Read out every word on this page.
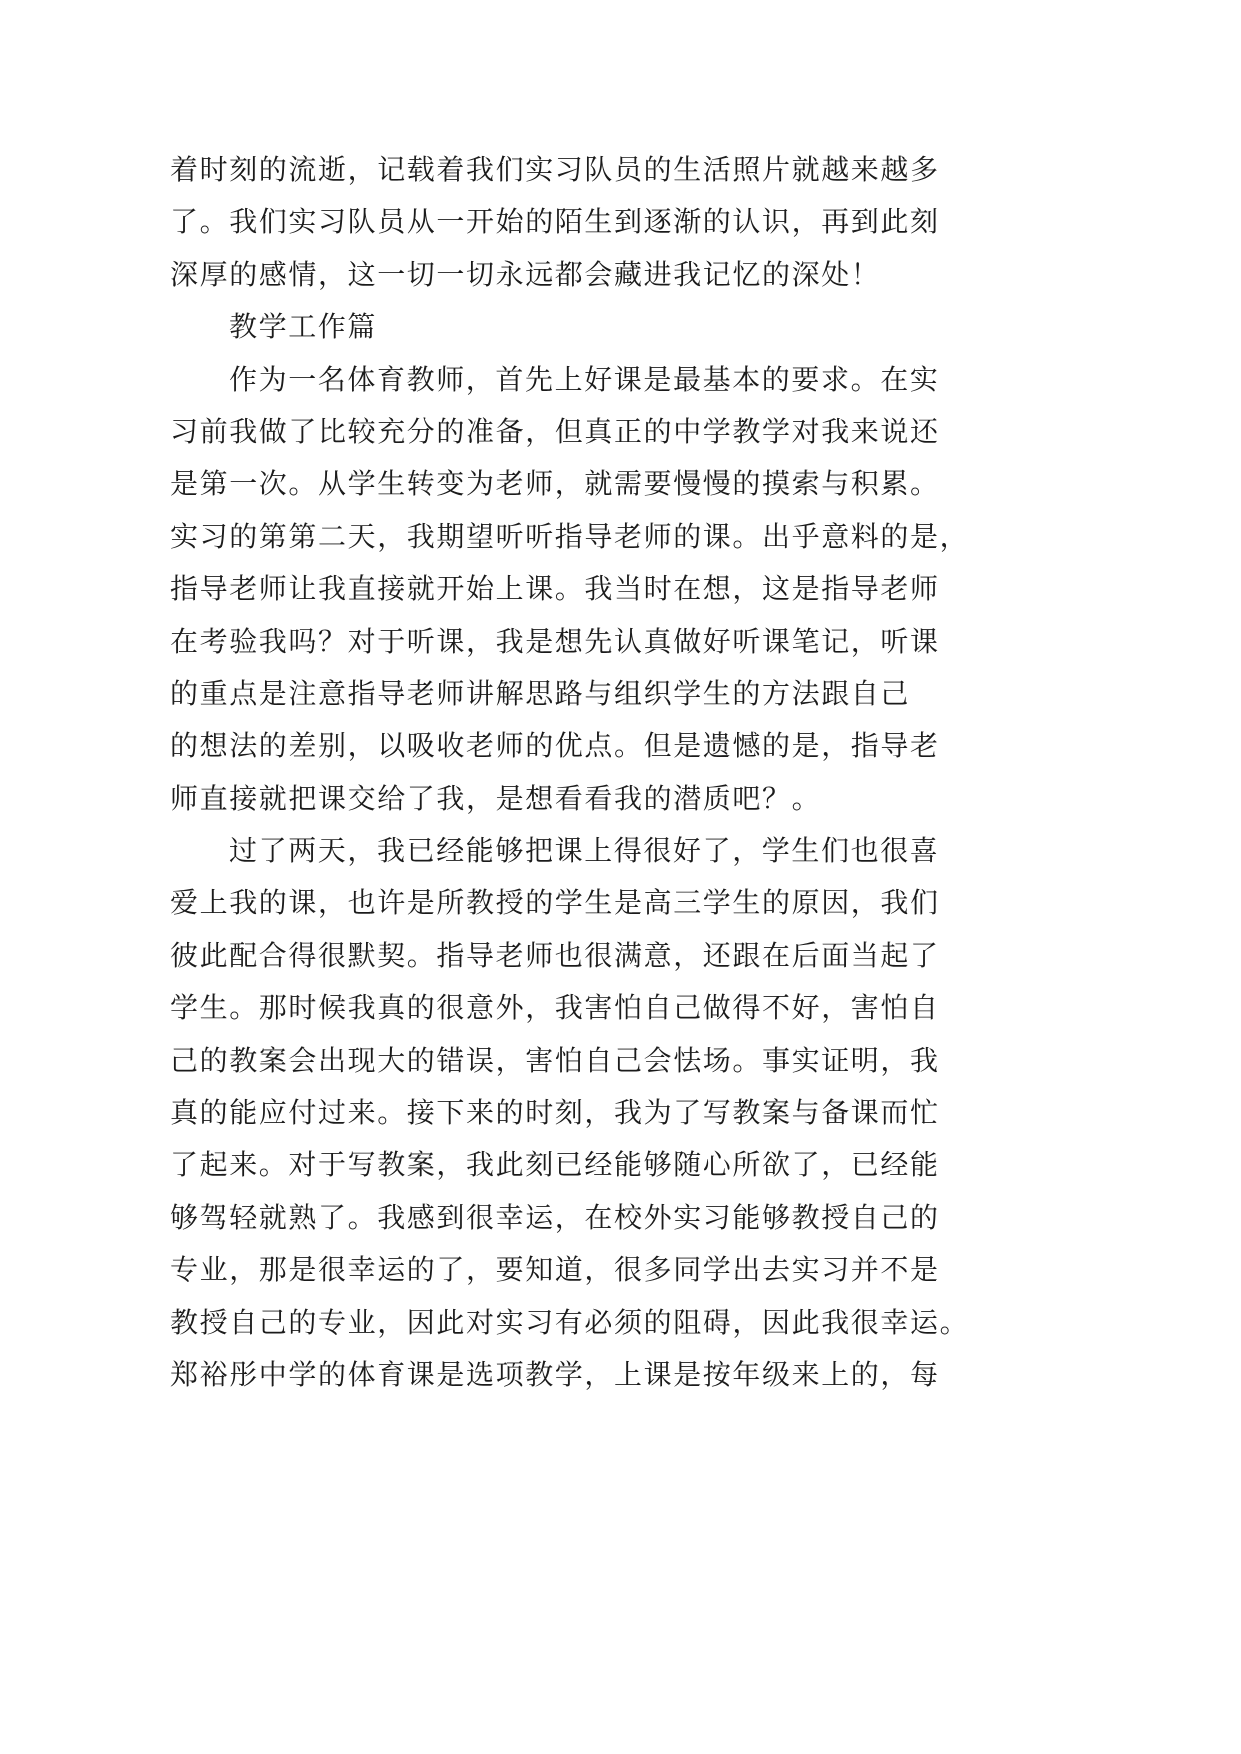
着时刻的流逝，记载着我们实习队员的生活照片就越来越多
了。我们实习队员从一开始的陌生到逐渐的认识，再到此刻
深厚的感情，这一切一切永远都会藏进我记忆的深处！
教学工作篇
作为一名体育教师，首先上好课是最基本的要求。在实
习前我做了比较充分的准备，但真正的中学教学对我来说还
是第一次。从学生转变为老师，就需要慢慢的摸索与积累。
实习的第第二天，我期望听听指导老师的课。出乎意料的是，
指导老师让我直接就开始上课。我当时在想，这是指导老师
在考验我吗？对于听课，我是想先认真做好听课笔记，听课
的重点是注意指导老师讲解思路与组织学生的方法跟自己
的想法的差别，以吸收老师的优点。但是遗憾的是，指导老
师直接就把课交给了我，是想看看我的潜质吧？。
过了两天，我已经能够把课上得很好了，学生们也很喜
爱上我的课，也许是所教授的学生是高三学生的原因，我们
彼此配合得很默契。指导老师也很满意，还跟在后面当起了
学生。那时候我真的很意外，我害怕自己做得不好，害怕自
己的教案会出现大的错误，害怕自己会怯场。事实证明，我
真的能应付过来。接下来的时刻，我为了写教案与备课而忙
了起来。对于写教案，我此刻已经能够随心所欲了，已经能
够驾轻就熟了。我感到很幸运，在校外实习能够教授自己的
专业，那是很幸运的了，要知道，很多同学出去实习并不是
教授自己的专业，因此对实习有必须的阻碍，因此我很幸运。
郑裕彤中学的体育课是选项教学，上课是按年级来上的，每
